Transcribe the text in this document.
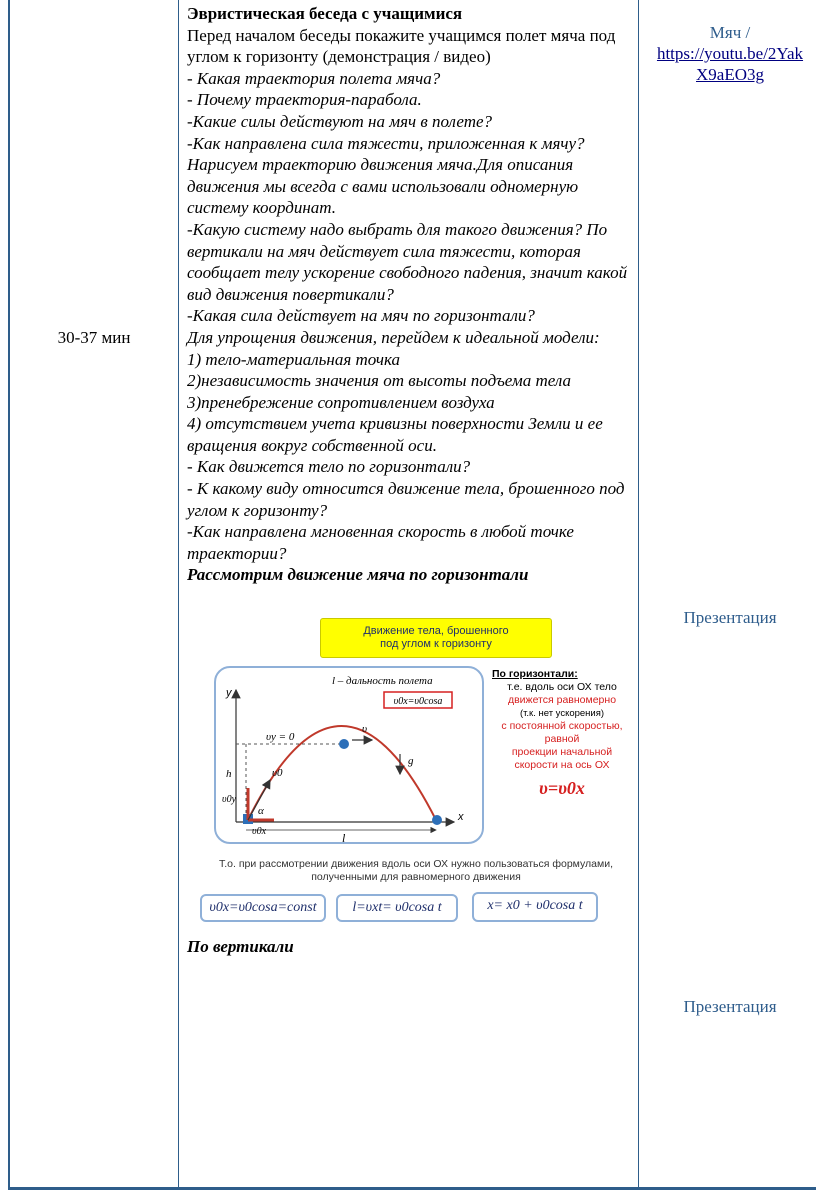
30-37 мин

Эвристическая беседа с учащимися

Перед началом беседы покажите учащимся полет мяча под углом к горизонту (демонстрация / видео)

- Какая траектория полета мяча?

- Почему траектория-парабола.

-Какие силы действуют на мяч в полете?

-Как направлена сила тяжести, приложенная к мячу?Нарисуем траекторию движения мяча.Для описания движения мы всегда с вами использовали одномерную систему координат.

-Какую систему надо выбрать для такого движения? По вертикали на мяч действует сила тяжести, которая сообщает телу ускорение свободного падения, значит какой вид движения повертикали?

-Какая сила действует на мяч по горизонтали?

Для упрощения движения, перейдем к идеальной модели:

1) тело-материальная точка

2)независимость значения от высоты подъема тела

3)пренебрежение сопротивлением воздуха

4) отсутствием учета кривизны поверхности Земли и ее вращения вокруг собственной оси.

- Как движется тело по горизонтали?

- К какому виду относится движение тела, брошенного под углом к горизонту?

-Как направлена мгновенная скорость в любой точке траектории?

Рассмотрим движение мяча по горизонтали

Движение тела, брошенного
под углом к горизонту
y
x
υy = 0
υ
g
υ0
h
υ0y
υ0x
α
l
l – дальность полета
υ0x=υ0cosa
По горизонтали:
т.е. вдоль оси ОХ тело
движется равномерно
(т.к. нет ускорения)
с постоянной скоростью,
равной
проекции начальной
скорости на ось ОХ
υ=υ0x
Т.о. при рассмотрении движения вдоль оси ОХ нужно пользоваться формулами,
полученными для равномерного движения
υ0x=υ0cosa=const	l=υxt= υ0cosa t	x= x0 + υ0cosa t

По вертикали

Мяч /
https://youtu.be/2Yak
X9aEO3g
Презентация
Презентация
